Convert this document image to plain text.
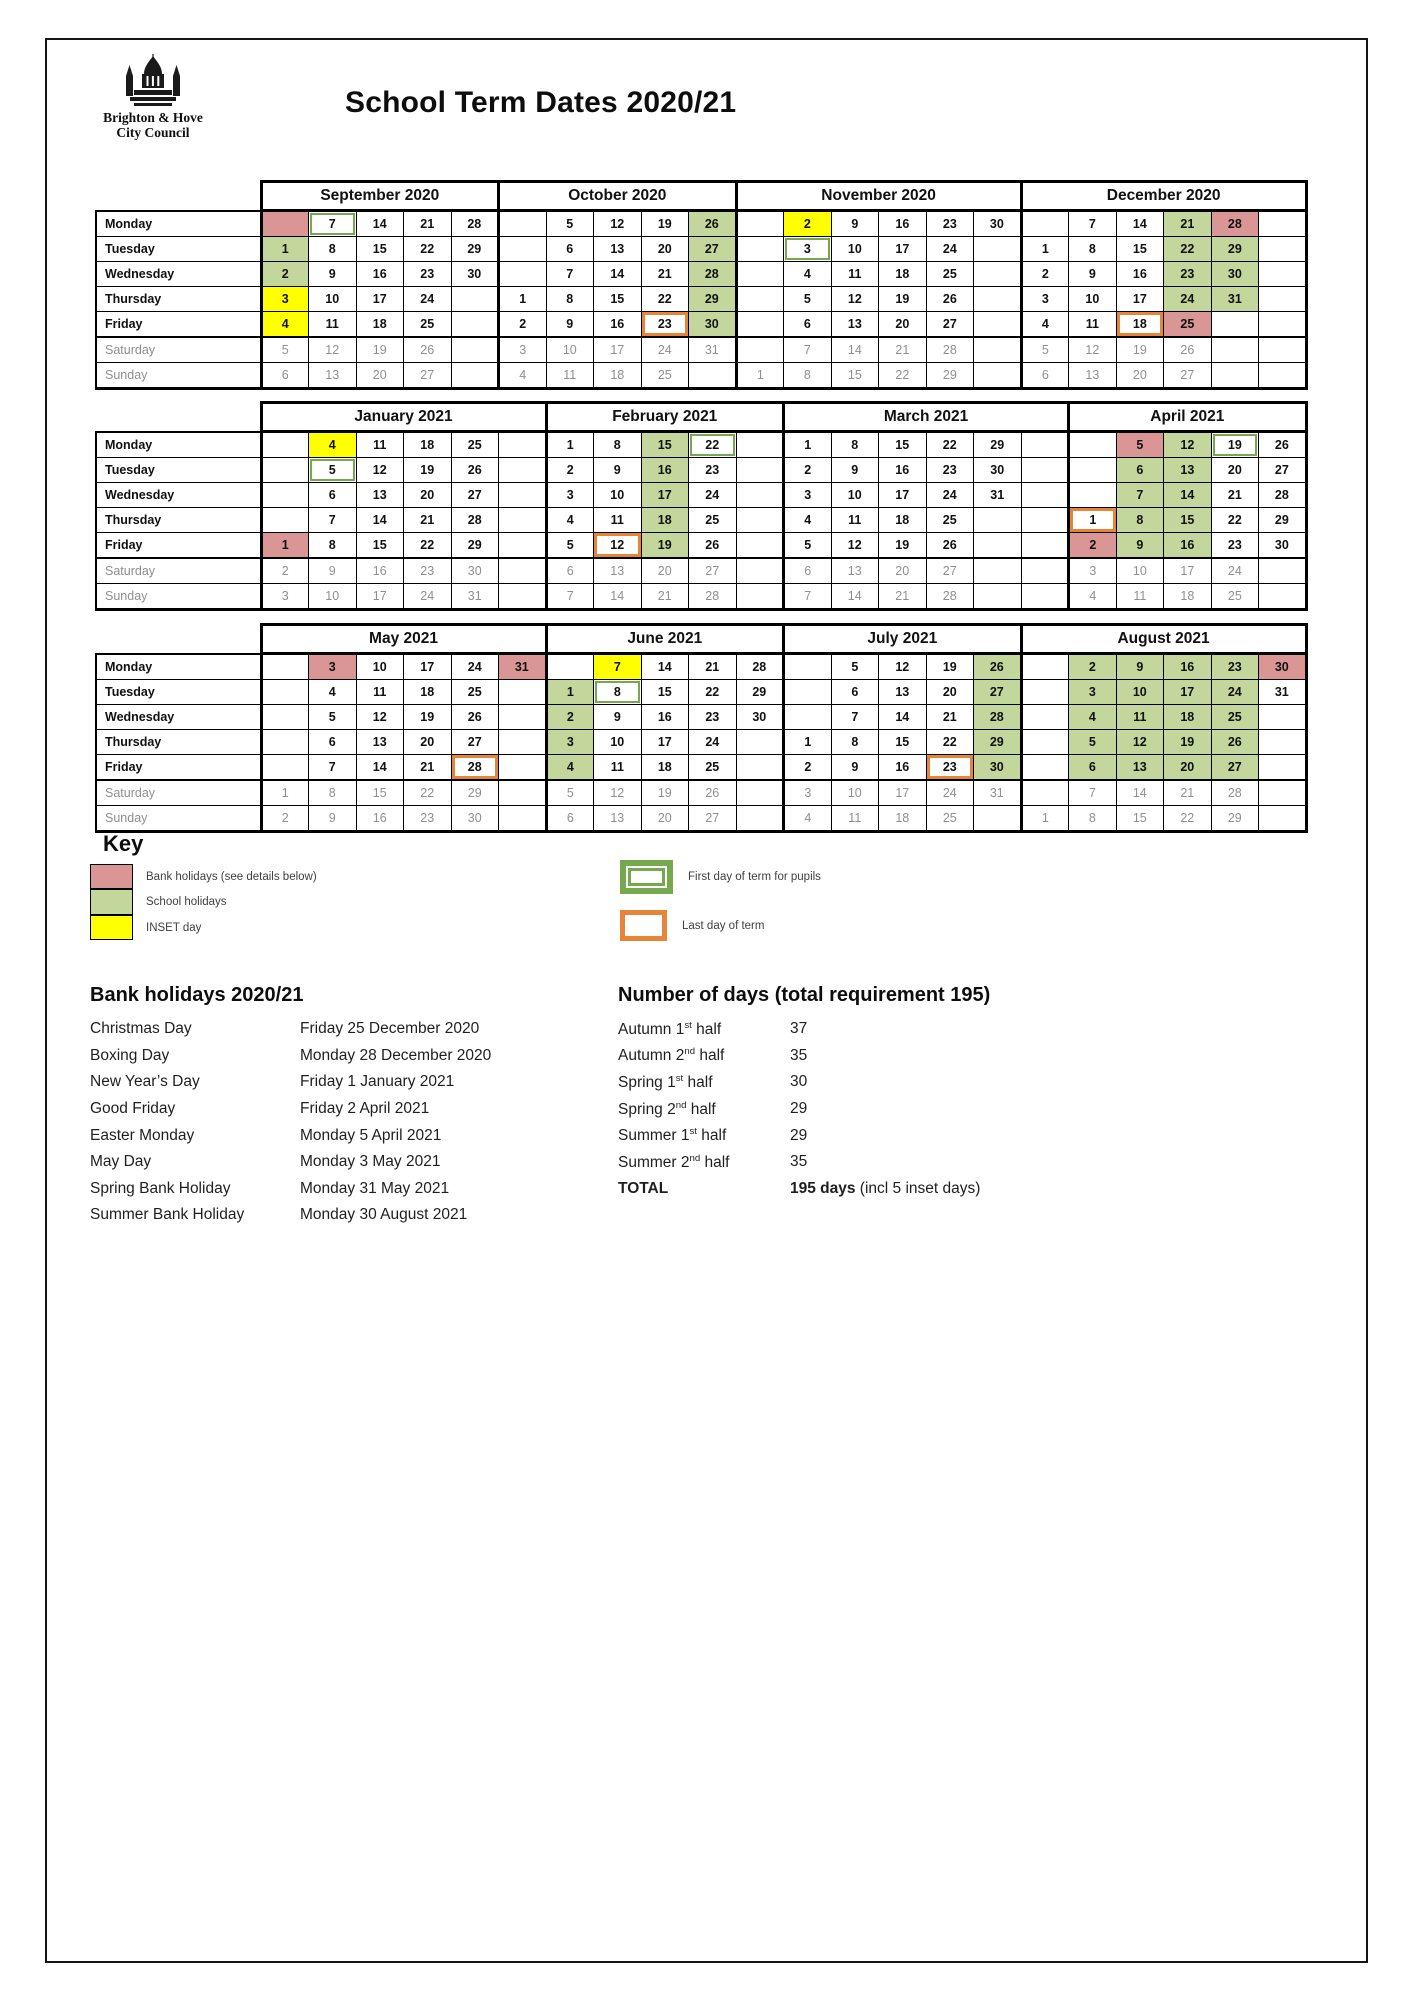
Brighton & Hove
City Council
School Term Dates 2020/21
	September 2020					October 2020					November 2020						December 2020					
Monday		7	14	21	28		5	12	19	26		2	9	16	23	30		7	14	21	28	
Tuesday	1	8	15	22	29		6	13	20	27		3	10	17	24		1	8	15	22	29	
Wednesday	2	9	16	23	30		7	14	21	28		4	11	18	25		2	9	16	23	30	
Thursday	3	10	17	24		1	8	15	22	29		5	12	19	26		3	10	17	24	31	
Friday	4	11	18	25		2	9	16	23	30		6	13	20	27		4	11	18	25		
Saturday	5	12	19	26		3	10	17	24	31		7	14	21	28		5	12	19	26		
Sunday	6	13	20	27		4	11	18	25		1	8	15	22	29		6	13	20	27		
	January 2021						February 2021					March 2021						April 2021				
Monday		4	11	18	25		1	8	15	22		1	8	15	22	29			5	12	19	26
Tuesday		5	12	19	26		2	9	16	23		2	9	16	23	30			6	13	20	27
Wednesday		6	13	20	27		3	10	17	24		3	10	17	24	31			7	14	21	28
Thursday		7	14	21	28		4	11	18	25		4	11	18	25			1	8	15	22	29
Friday	1	8	15	22	29		5	12	19	26		5	12	19	26			2	9	16	23	30
Saturday	2	9	16	23	30		6	13	20	27		6	13	20	27			3	10	17	24	
Sunday	3	10	17	24	31		7	14	21	28		7	14	21	28			4	11	18	25	
	May 2021						June 2021					July 2021					August 2021					
Monday		3	10	17	24	31		7	14	21	28		5	12	19	26		2	9	16	23	30
Tuesday		4	11	18	25		1	8	15	22	29		6	13	20	27		3	10	17	24	31
Wednesday		5	12	19	26		2	9	16	23	30		7	14	21	28		4	11	18	25	
Thursday		6	13	20	27		3	10	17	24		1	8	15	22	29		5	12	19	26	
Friday		7	14	21	28		4	11	18	25		2	9	16	23	30		6	13	20	27	
Saturday	1	8	15	22	29		5	12	19	26		3	10	17	24	31		7	14	21	28	
Sunday	2	9	16	23	30		6	13	20	27		4	11	18	25		1	8	15	22	29	
Key
Bank holidays (see details below)
School holidays
INSET day
First day of term for pupils
Last day of term
Bank holidays 2020/21
Christmas Day	Friday 25 December 2020
Boxing Day	Monday 28 December 2020
New Year’s Day	Friday 1 January 2021
Good Friday	Friday 2 April 2021
Easter Monday	Monday 5 April 2021
May Day	Monday 3 May 2021
Spring Bank Holiday	Monday 31 May 2021
Summer Bank Holiday	Monday 30 August 2021
Number of days (total requirement 195)
Autumn 1st half	37
Autumn 2nd half	35
Spring 1st half	30
Spring 2nd half	29
Summer 1st half	29
Summer 2nd half	35
TOTAL	195 days (incl 5 inset days)
